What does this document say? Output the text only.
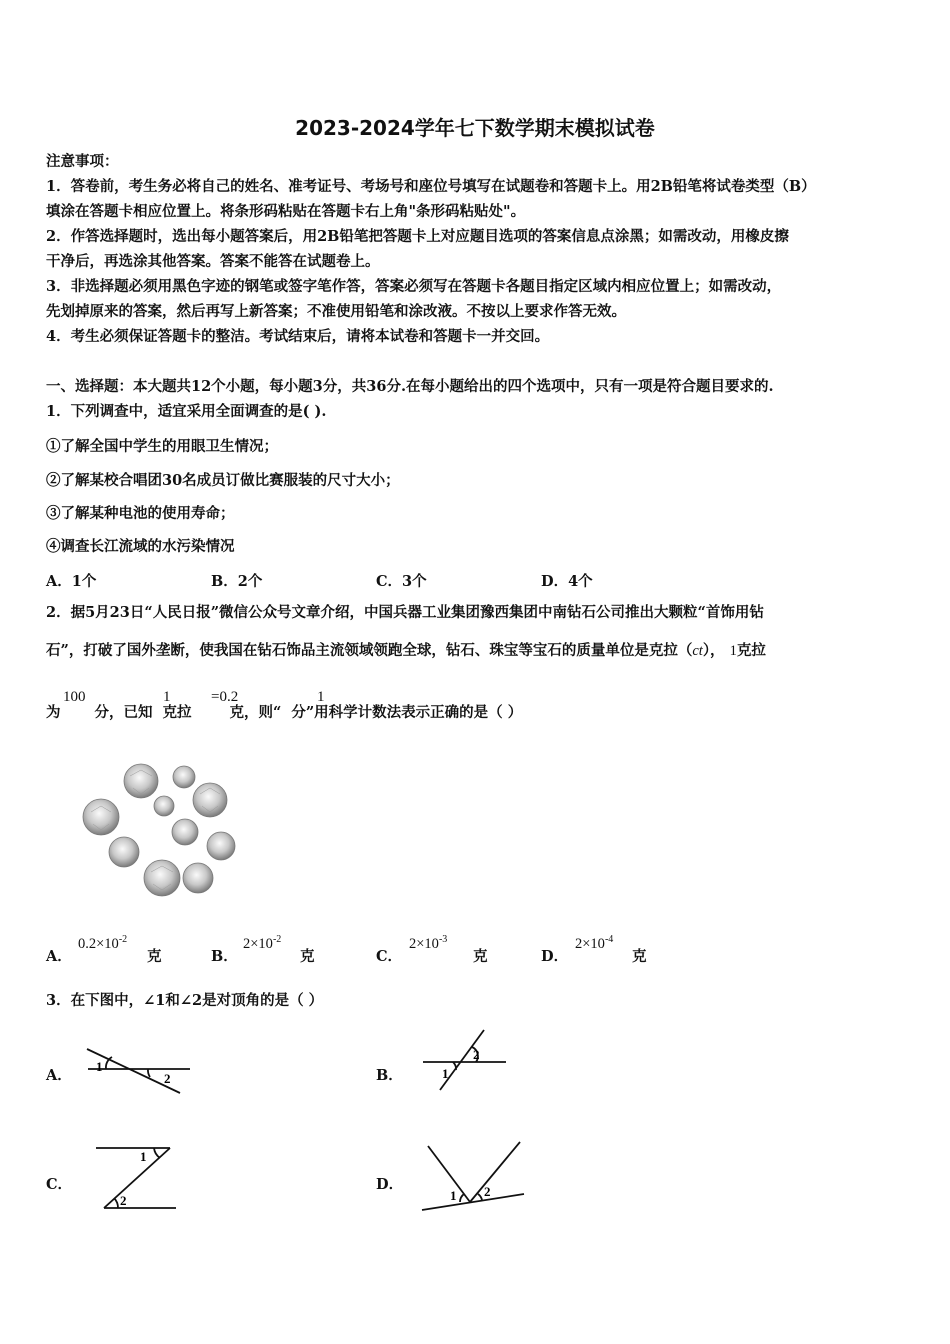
2023-2024学年七下数学期末模拟试卷
注意事项：
1．答卷前，考生务必将自己的姓名、准考证号、考场号和座位号填写在试题卷和答题卡上。用2B铅笔将试卷类型（B）
填涂在答题卡相应位置上。将条形码粘贴在答题卡右上角"条形码粘贴处"。
2．作答选择题时，选出每小题答案后，用2B铅笔把答题卡上对应题目选项的答案信息点涂黑；如需改动，用橡皮擦
干净后，再选涂其他答案。答案不能答在试题卷上。
3．非选择题必须用黑色字迹的钢笔或签字笔作答，答案必须写在答题卡各题目指定区域内相应位置上；如需改动，
先划掉原来的答案，然后再写上新答案；不准使用铅笔和涂改液。不按以上要求作答无效。
4．考生必须保证答题卡的整洁。考试结束后，请将本试卷和答题卡一并交回。
一、选择题：本大题共12个小题，每小题3分，共36分.在每小题给出的四个选项中，只有一项是符合题目要求的.
1．下列调查中，适宜采用全面调查的是( ).
①了解全国中学生的用眼卫生情况；
②了解某校合唱团30名成员订做比赛服装的尺寸大小；
③了解某种电池的使用寿命；
④调查长江流域的水污染情况
A．1个	B．2个	C．3个	D．4个
2．据5月23日“人民日报”微信公众号文章介绍，中国兵器工业集团豫西集团中南钻石公司推出大颗粒“首饰用钻
石”，打破了国外垄断，使我国在钻石饰品主流领域领跑全球，钻石、珠宝等宝石的质量单位是克拉（ct）， 1克拉
为 分，已知 克拉	克，则“ 分”用科学计数法表示正确的是（ ）
100	1	=0.2	1
A．
$0.2\times 10^{-2}$
克	B．
$2\times 10^{-2}$
克	C．
$2\times 10^{-3}$
克	D．
$2\times 10^{-4}$
克
3．在下图中，∠1和∠2是对顶角的是（ ）
A．
1
2	B．
2
1
C．
1
2
D．
1 2
